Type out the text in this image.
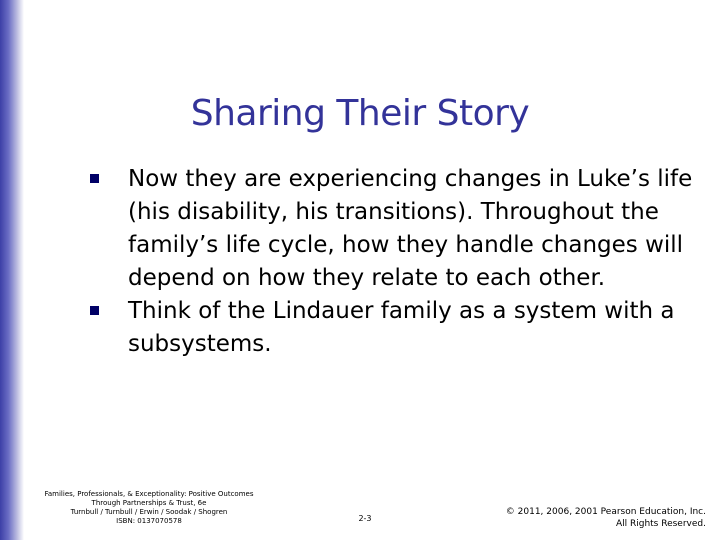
Sharing Their Story
Now they are experiencing changes in Luke’s life (his disability, his transitions). Throughout the family’s life cycle, how they handle changes will depend on how they relate to each other.
Think of the Lindauer family as a system with a subsystems.
Families, Professionals, & Exceptionality: Positive Outcomes
Through Partnerships & Trust, 6e
Turnbull / Turnbull / Erwin / Soodak / Shogren
ISBN: 0137070578	2-3
© 2011, 2006, 2001 Pearson Education, Inc.
All Rights Reserved.
